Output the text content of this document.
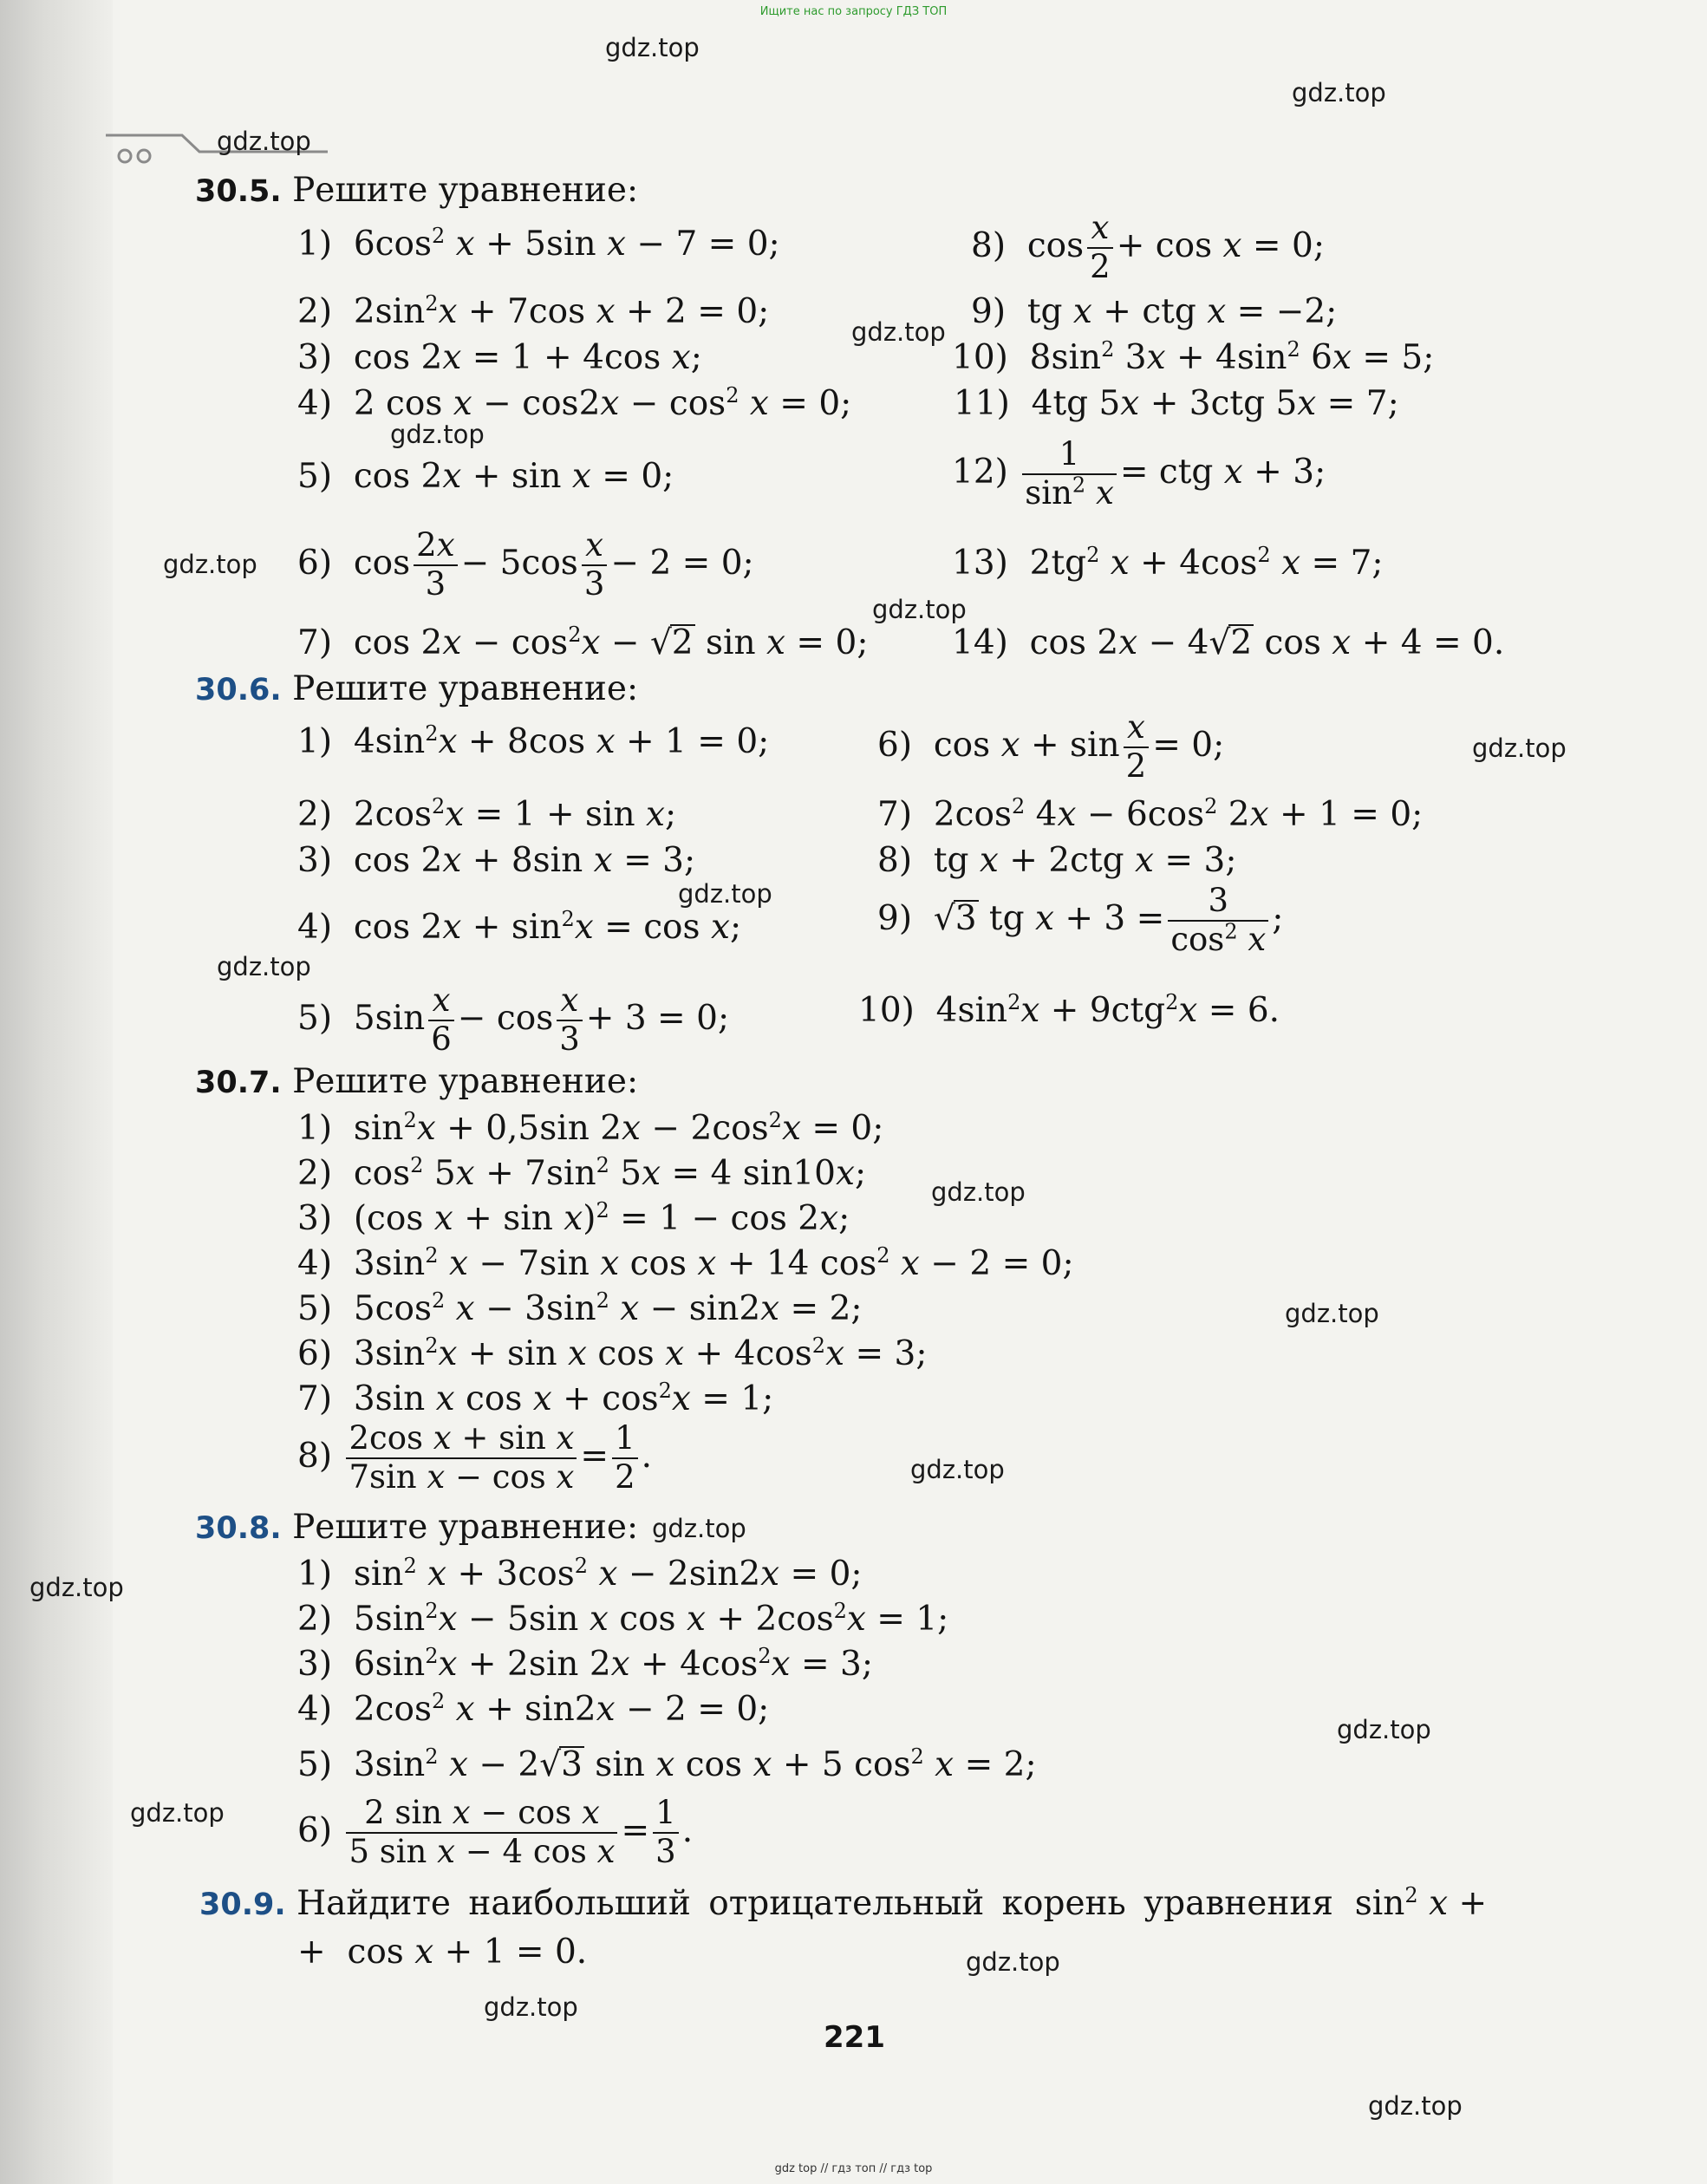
Ищите нас по запросу ГДЗ ТОП
gdz.top
gdz.top
gdz.top
gdz.top
gdz.top
gdz.top
gdz.top
gdz.top
gdz.top
gdz.top
gdz.top
gdz.top
gdz.top
gdz.top
gdz.top
gdz.top
gdz.top
gdz.top
gdz.top
gdz.top
30.5. Решите уравнение:
1)  $6\cos^2$ x + 5sin x − 7 = 0;	8)  $\cos \frac{x}{2} + \cos x = 0$;
2)  $2\sin^2x + 7\cos$ x + 2 = 0;	9)  tg x + ctg x = −2;
3)  cos 2x = 1 + 4cos x;	10)  $8\sin^2$ $3x + 4\sin^2$ 6x = 5;
4)  2 $\cos x - \cos 2x - \cos^2 x = 0$;	11)  4tg 5x + 3ctg 5x = 7;
5)  cos 2x + sin x = 0;	$12) \frac{1}{\sin^2 x}$ = ctg x + 3;
6)  $\cos \frac{2x}{3} - 5\cos \frac{x}{3} - 2 = 0$;	13)  $2tg^2$ $x + 4\cos^2$ x = 7;
7)  $\cos 2x - \cos^2x - √2$ sin x = 0; 14)  cos 2x − 4√2 cos x + 4 = 0.
30.6. Решите уравнение:
1)  $4\sin^2x + 8\cos$ x + 1 = 0;	6)  $\cos x + \sin \frac{x}{2} = 0$;
2)  $2\cos^2x = 1 + \sin x$;	7)  $2\cos^2$ $4x - 6\cos^2$ 2x + 1 = 0;
3)  cos 2x + 8sin x = 3;	8)  tg x + 2ctg x = 3;
4)  $\cos 2x + \sin^2x = \cos x$;	9)  √3 tg $x + 3 = \frac{3}{\cos^2 x}$ ;
5)  $5\sin \frac{x}{6} - \cos \frac{x}{3} + 3 = 0$;	10)  $4\sin^2x + 9ctg^2x = 6$.
30.7. Решите уравнение:
1)  $\sin^2x + 0,5\sin$ $2x - 2\cos^2x = 0$;
2)  $\cos^2 5x + 7\sin^2$ 5x = 4 sin10x;
3)  (cos x + sin x)$^2$ = 1 − cos 2x;
4)  $3\sin^2$ x − 7sin x cos x + 14 $\cos^2 x - 2 = 0$;
5)  $5\cos^2$ $x - 3\sin^2$ x − sin2x = 2;
6)  $3\sin^2x + \sin x$ $\cos x + 4\cos^2x = 3$;
7)  3sin x $\cos x + \cos^2x = 1$;
$8) \frac{\text{2cos x + sin x}}{\text{7sin x − cos x}} = \frac{1}{2}$ .
30.8. Решите уравнение:
1)  $\sin^2 x + 3\cos^2$ x − 2sin2x = 0;
2)  $5\sin^2x - 5\sin$ x $\cos x + 2\cos^2x = 1$;
3)  $6\sin^2x + 2\sin$ $2x + 4\cos^2x = 3$;
4)  $2\cos^2$ x + sin2x − 2 = 0;
5)  $3\sin^2$ x − 2√3 sin x cos x + 5 $\cos^2 x = 2$;
$6) \frac{\text{2 sin x − cos x}}{\text{5 sin x − 4 cos x}} = \frac{1}{3}$ .
30.9. Найдите наибольший отрицательный корень уравнения  $\sin^2 x$ +
+  cos x + 1 = 0.
221
gdz top // гдз топ // гдз top
